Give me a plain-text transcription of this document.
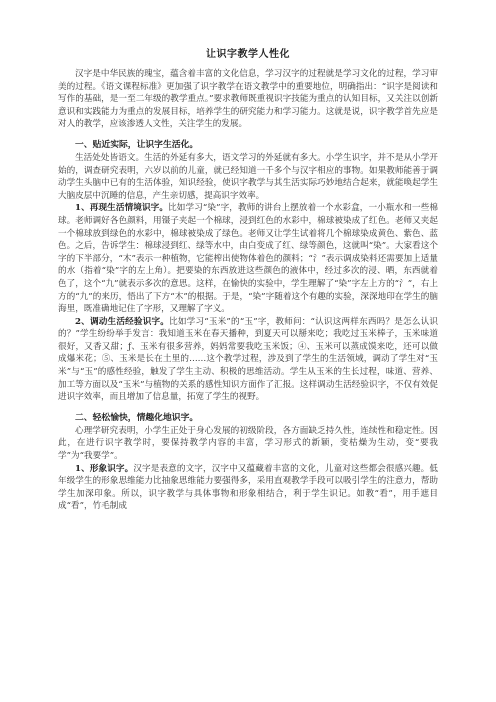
让识字教学人性化

汉字是中华民族的瑰宝，蕴含着丰富的文化信息，学习汉字的过程就是学习文化的过程，学习审美的过程。《语文课程标准》更加强了识字教学在语文教学中的重要地位，明确指出：“识字是阅读和写作的基础，是一至二年级的教学重点。”要求教师既重视识字技能为重点的认知目标，又关注以创新意识和实践能力为重点的发展目标，培养学生的研究能力和学习能力。这就是说，识字教学首先应是对人的教学，应该渗透人文性，关注学生的发展。

一、贴近实际，让识字生活化。

生活处处皆语文。生活的外延有多大，语文学习的外延就有多大。小学生识字，并不是从小学开始的，调查研究表明，六岁以前的儿童，就已经知道一千多个与汉字相应的事物。如果教师能善于调动学生头脑中已有的生活体验，知识经验，使识字教学与其生活实际巧妙地结合起来，就能唤起学生大脑皮层中沉睡的信息，产生亲切感，提高识字效率。

1、再现生活情境识字。比如学习“染”字，教师的讲台上摆放着一个水彩盒，一小瓶水和一些棉球。老师调好各色颜料，用镊子夹起一个棉球，浸到红色的水彩中，棉球被染成了红色。老师又夹起一个棉球放到绿色的水彩中，棉球被染成了绿色。老师又让学生试着将几个棉球染成黄色、紫色、蓝色。之后，告诉学生：棉球浸到红、绿等水中，由白变成了红、绿等颜色，这就叫“染”。大家看这个字的下半部分，“木”表示一种植物，它能榨出使物体着色的颜料；“氵”表示调成染料还需要加上适量的水（指着“染”字的左上角）。把要染的东西放进这些颜色的液体中，经过多次的浸、晒，东西就着色了，这个“九”就表示多次的意思。这样，在愉快的实验中，学生理解了“染”字左上方的“氵”，右上方的“九”的来历，悟出了下方“木”的根据。于是，“染”字随着这个有趣的实验，深深地印在学生的脑海里，既准确地记住了字形，又理解了字义。

2、调动生活经验识字。比如学习“玉米”的“玉”字，教师问：“认识这两样东西吗？是怎么认识的？”学生纷纷举手发言：我知道玉米在春天播种，到夏天可以掰来吃；我吃过玉米棒子，玉米味道很好，又香又甜；ƒ、玉米有很多营养，妈妈常要我吃玉米饭；④、玉米可以蒸成馍来吃，还可以做成爆米花；⑤、玉米是长在土里的……这个教学过程，涉及到了学生的生活领域，调动了学生对“玉米”与“玉”的感性经验，触发了学生主动、积极的思维活动。学生从玉米的生长过程，味道、营养、加工等方面以及“玉米”与植物的关系的感性知识方面作了汇报。这样调动生活经验识字，不仅有效促进识字效率，而且增加了信息量，拓宽了学生的视野。

二、轻松愉快，情趣化地识字。

心理学研究表明，小学生正处于身心发展的初级阶段，各方面缺乏持久性，连续性和稳定性。因此，在进行识字教学时，要保持教学内容的丰富，学习形式的新颖，变枯燥为生动，变“要我学”为“我要学”。

1、形象识字。汉字是表意的文字，汉字中又蕴藏着丰富的文化，儿童对这些都会很感兴趣。低年级学生的形象思维能力比抽象思维能力要强得多，采用直观教学手段可以吸引学生的注意力，帮助学生加深印象。所以，识字教学与具体事物和形象相结合，利于学生识记。如教“看”，用手遮目成“看”，竹毛制成
